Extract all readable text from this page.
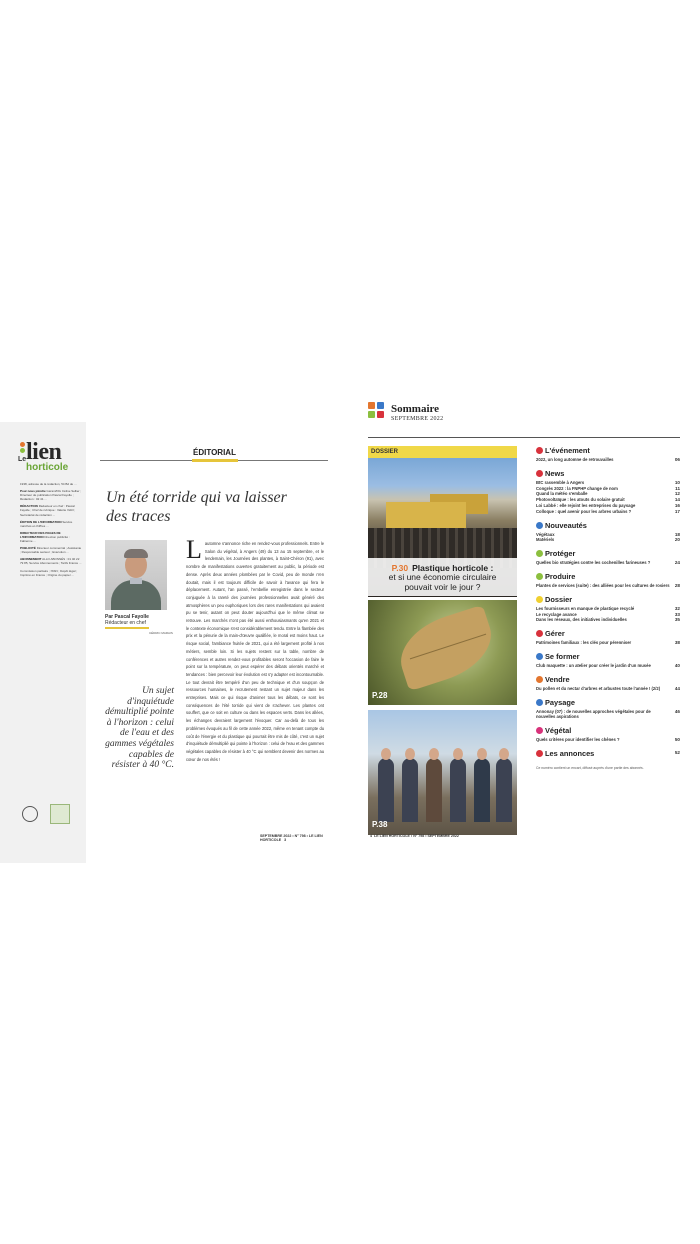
lien
Le
horticole
1938, adresse de la rédaction, 54 Bd de ...
Pour nous joindre Gérant/DG Céline Sellier ; Directeur de publication Pascal Fayolle ; Rédaction : 02 41 ...
RÉDACTION Rédacteur en chef : Pascal Fayolle ; Chef de rubrique : Valérie Vidril ; Secrétariat de rédaction ...
ÉDITION DE L'INFORMATION Service marchés et chiffres ...
DIRECTEUR DES PAGES DE L'INFORMATION Direction publicité : Fabienne ...
PUBLICITÉ Directeur commercial ; Assistante ; Responsable secteur ; Exécution ...
ABONNEMENT ALLO ABONNÉS : 01 40 22 79 85, Service Abonnements ; Tarifs France ...
Commission paritaire ; ISSN ; Dépôt légal ; Imprimé en France ; Origine du papier ...
ÉDITORIAL
Un été torride qui va laisser des traces
Par Pascal Fayolle
Rédacteur en chef
CÉDRIC MARAIS
Un sujet d'inquiétude démultiplié pointe à l'horizon : celui de l'eau et des gammes végétales capables de résister à 40 °C.
Lautomne s'annonce riche en rendez-vous professionnels. Entre le Salon du végétal, à Angers (49) du 13 au 15 septembre, et le lendemain, les Journées des plantes, à Saint-Chéron (91), avec nombre de manifestations ouvertes gratuitement au public, la période est dense. Après deux années plombées par le Covid, peu de monde n'en doutait, mais il est toujours difficile de savoir à l'avance qui fera le déplacement. Autant, l'an passé, l'embellie enregistrée dans le secteur conjuguée à la rareté des journées professionnelles avait généré des atmosphères un peu euphoriques lors des rares manifestations qui avaient pu se tenir, autant on peut douter aujourd'hui que le même climat se retrouve. Les marchés n'ont pas été aussi enthousiasmants qu'en 2021 et le contexte économique s'est considérablement tendu. Entre la flambée des prix et la pénurie de la main-d'œuvre qualifiée, le moral est moins haut. Le risque social, l'ambiance fruitée de 2021, qui a été largement profité à nos métiers, semble loin. Si les sujets restent sur la table, nombre de conférences et autres rendez-vous profitables seront l'occasion de faire le point sur la température, on peut espérer des débats orientés marché et tendances : bien percevoir leur évolution est s'y adapter est incontournable. Le tout devrait être tempéré d'un peu de technique et d'un soupçon de ressources humaines, le recrutement restant un sujet majeur dans les entreprises. Mais ce qui risque d'animer tous les débats, ce sont les conséquences de l'été torride qui vient de s'achever. Les plantes ont souffert, que ce soit en culture ou dans les espaces verts. Dans les allées, les échanges devraient largement l'évoquer. Car au-delà de tous les problèmes évoqués au fil de cette année 2022, même en tenant compte du coût de l'énergie et du plastique qui pourrait être mis de côté, c'est un sujet d'inquiétude démultiplié qui pointe à l'horizon : celui de l'eau et des gammes végétales capables de résister à 40 °C qui semblent devenir des normes au cœur de nos étés !
SEPTEMBRE 2022 • N° 798 • LE LIEN HORTICOLE 3
Sommaire
SEPTEMBRE 2022
DOSSIER
P.30 Plastique horticole :
et si une économie circulaire
pouvait voir le jour ?
P.28
P.38
4 LE LIEN HORTICOLE • N° 798 • SEPTEMBRE 2022
L'événement
2022, un long automne de retrouvailles	06
News
BtC rassemble à Angers	10
Congrès 2022 : la FNPHP change de nom	11
Quand la météo s'emballe	12
Photovoltaïque : les atouts du solaire gratuit	14
Loi Labbé : elle rejoint les entreprises du paysage	16
Colloque : quel avenir pour les arbres urbains ?	17
Nouveautés
Végétaux	18
Matériels	20
Protéger
Quelles bio stratégies contre les cochenilles farineuses ?	24
Produire
Plantes de services (suite) : des alliées pour les cultures de rosiers 28
Dossier
Les fournisseurs en manque de plastique recyclé	32
Le recyclage avance	33
Dans les réseaux, des initiatives individuelles	35
Gérer
Patrimoines familiaux : les clés pour pérenniser	38
Se former
Club maquette : un atelier pour créer le jardin d'un musée	40
Vendre
Du pollen et du nectar d'arbres et arbustes toute l'année ! (2/2)	44
Paysage
Annonay (07) : de nouvelles approches végétales pour de nouvelles aspirations
46
Végétal
Quels critères pour identifier les chênes ?	50
Les annonces	52
Ce numéro contient un encart, diffusé auprès d'une partie des abonnés.
